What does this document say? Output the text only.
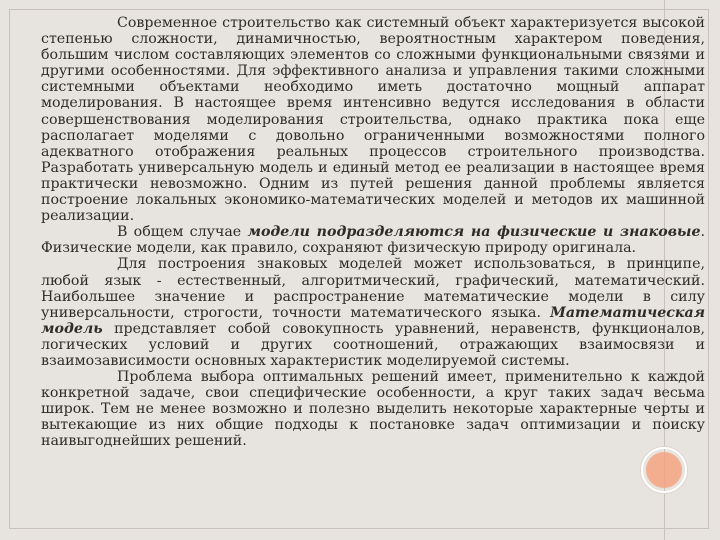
Современное строительство как системный объект характеризуется высокой степенью сложности, динамичностью, вероятностным характером поведения, большим числом составляющих элементов со сложными функциональными связями и другими особенностями. Для эффективного анализа и управления такими сложными системными объектами необходимо иметь достаточно мощный аппарат моделирования. В настоящее время интенсивно ведутся исследования в области совершенствования моделирования строительства, однако практика пока еще располагает моделями с довольно ограниченными возможностями полного адекватного отображения реальных процессов строительного производства. Разработать универсальную модель и единый метод ее реализации в настоящее время практически невозможно. Одним из путей решения данной проблемы является построение локальных экономико-математических моделей и методов их машинной реализации.

В общем случае модели подразделяются на физические и знаковые. Физические модели, как правило, сохраняют физическую природу оригинала.

Для построения знаковых моделей может использоваться, в принципе, любой язык - естественный, алгоритмический, графический, математический. Наибольшее значение и распространение математические модели в силу универсальности, строгости, точности математического языка. Математическая модель представляет собой совокупность уравнений, неравенств, функционалов, логических условий и других соотношений, отражающих взаимосвязи и взаимозависимости основных характеристик моделируемой системы.

Проблема выбора оптимальных решений имеет, применительно к каждой конкретной задаче, свои специфические особенности, а круг таких задач весьма широк. Тем не менее возможно и полезно выделить некоторые характерные черты и вытекающие из них общие подходы к постановке задач оптимизации и поиску наивыгоднейших решений.
